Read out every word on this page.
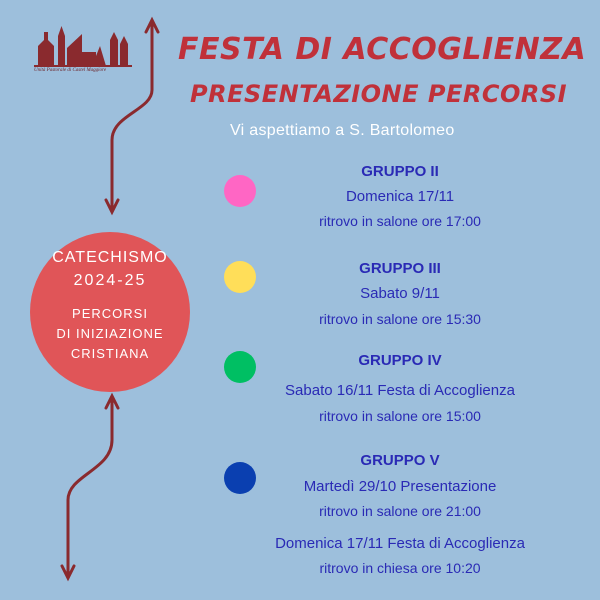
Unità Pastorale di Castel Maggiore
FESTA DI ACCOGLIENZA
PRESENTAZIONE PERCORSI
Vi aspettiamo a S. Bartolomeo
CATECHISMO
2024-25
PERCORSI
DI INIZIAZIONE
CRISTIANA
GRUPPO II
Domenica 17/11
ritrovo in salone ore 17:00
GRUPPO III
Sabato 9/11
ritrovo in salone ore 15:30
GRUPPO IV
Sabato 16/11 Festa di Accoglienza
ritrovo in salone ore 15:00
GRUPPO V
Martedì 29/10 Presentazione
ritrovo in salone ore 21:00
Domenica 17/11 Festa di Accoglienza
ritrovo in chiesa ore 10:20
